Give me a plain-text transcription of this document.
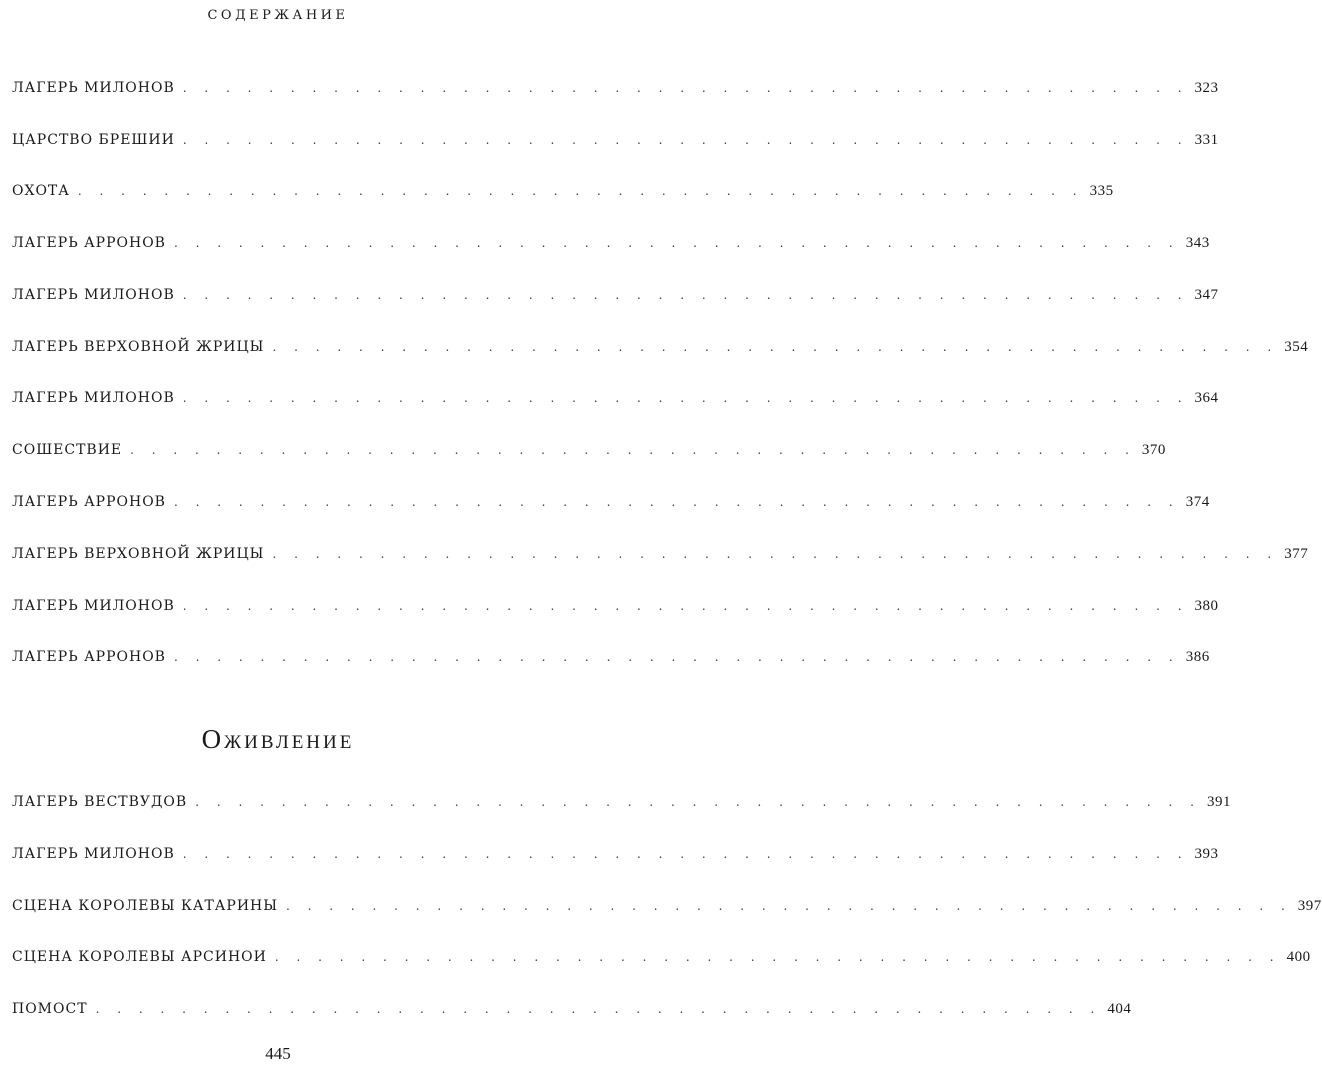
СОДЕРЖАНИЕ
ЛАГЕРЬ МИЛОНОВ . . . . . . . . . . . . . . . . . . . . . . . . . . . . . . . . . . . . . . . . . . . . . . . 323
ЦАРСТВО БРЕШИИ . . . . . . . . . . . . . . . . . . . . . . . . . . . . . . . . . . . . . . . . . . . . . . . 331
ОХОТА . . . . . . . . . . . . . . . . . . . . . . . . . . . . . . . . . . . . . . . . . . . . . . . 335
ЛАГЕРЬ АРРОНОВ . . . . . . . . . . . . . . . . . . . . . . . . . . . . . . . . . . . . . . . . . . . . . . . 343
ЛАГЕРЬ МИЛОНОВ . . . . . . . . . . . . . . . . . . . . . . . . . . . . . . . . . . . . . . . . . . . . . . . 347
ЛАГЕРЬ ВЕРХОВНОЙ ЖРИЦЫ . . . . . . . . . . . . . . . . . . . . . . . . . . . . . . . . . . . . . . . . . . . . . . . 354
ЛАГЕРЬ МИЛОНОВ . . . . . . . . . . . . . . . . . . . . . . . . . . . . . . . . . . . . . . . . . . . . . . . 364
СОШЕСТВИЕ . . . . . . . . . . . . . . . . . . . . . . . . . . . . . . . . . . . . . . . . . . . . . . . 370
ЛАГЕРЬ АРРОНОВ . . . . . . . . . . . . . . . . . . . . . . . . . . . . . . . . . . . . . . . . . . . . . . . 374
ЛАГЕРЬ ВЕРХОВНОЙ ЖРИЦЫ . . . . . . . . . . . . . . . . . . . . . . . . . . . . . . . . . . . . . . . . . . . . . . . 377
ЛАГЕРЬ МИЛОНОВ . . . . . . . . . . . . . . . . . . . . . . . . . . . . . . . . . . . . . . . . . . . . . . . 380
ЛАГЕРЬ АРРОНОВ . . . . . . . . . . . . . . . . . . . . . . . . . . . . . . . . . . . . . . . . . . . . . . . 386
ЛАГЕРЬ ВЕСТВУДОВ . . . . . . . . . . . . . . . . . . . . . . . . . . . . . . . . . . . . . . . . . . . . . . . 391
ЛАГЕРЬ МИЛОНОВ . . . . . . . . . . . . . . . . . . . . . . . . . . . . . . . . . . . . . . . . . . . . . . . 393
СЦЕНА КОРОЛЕВЫ КАТАРИНЫ . . . . . . . . . . . . . . . . . . . . . . . . . . . . . . . . . . . . . . . . . . . . . . . 397
СЦЕНА КОРОЛЕВЫ АРСИНОИ . . . . . . . . . . . . . . . . . . . . . . . . . . . . . . . . . . . . . . . . . . . . . . . 400
ПОМОСТ . . . . . . . . . . . . . . . . . . . . . . . . . . . . . . . . . . . . . . . . . . . . . . . 404
Оживление
445
